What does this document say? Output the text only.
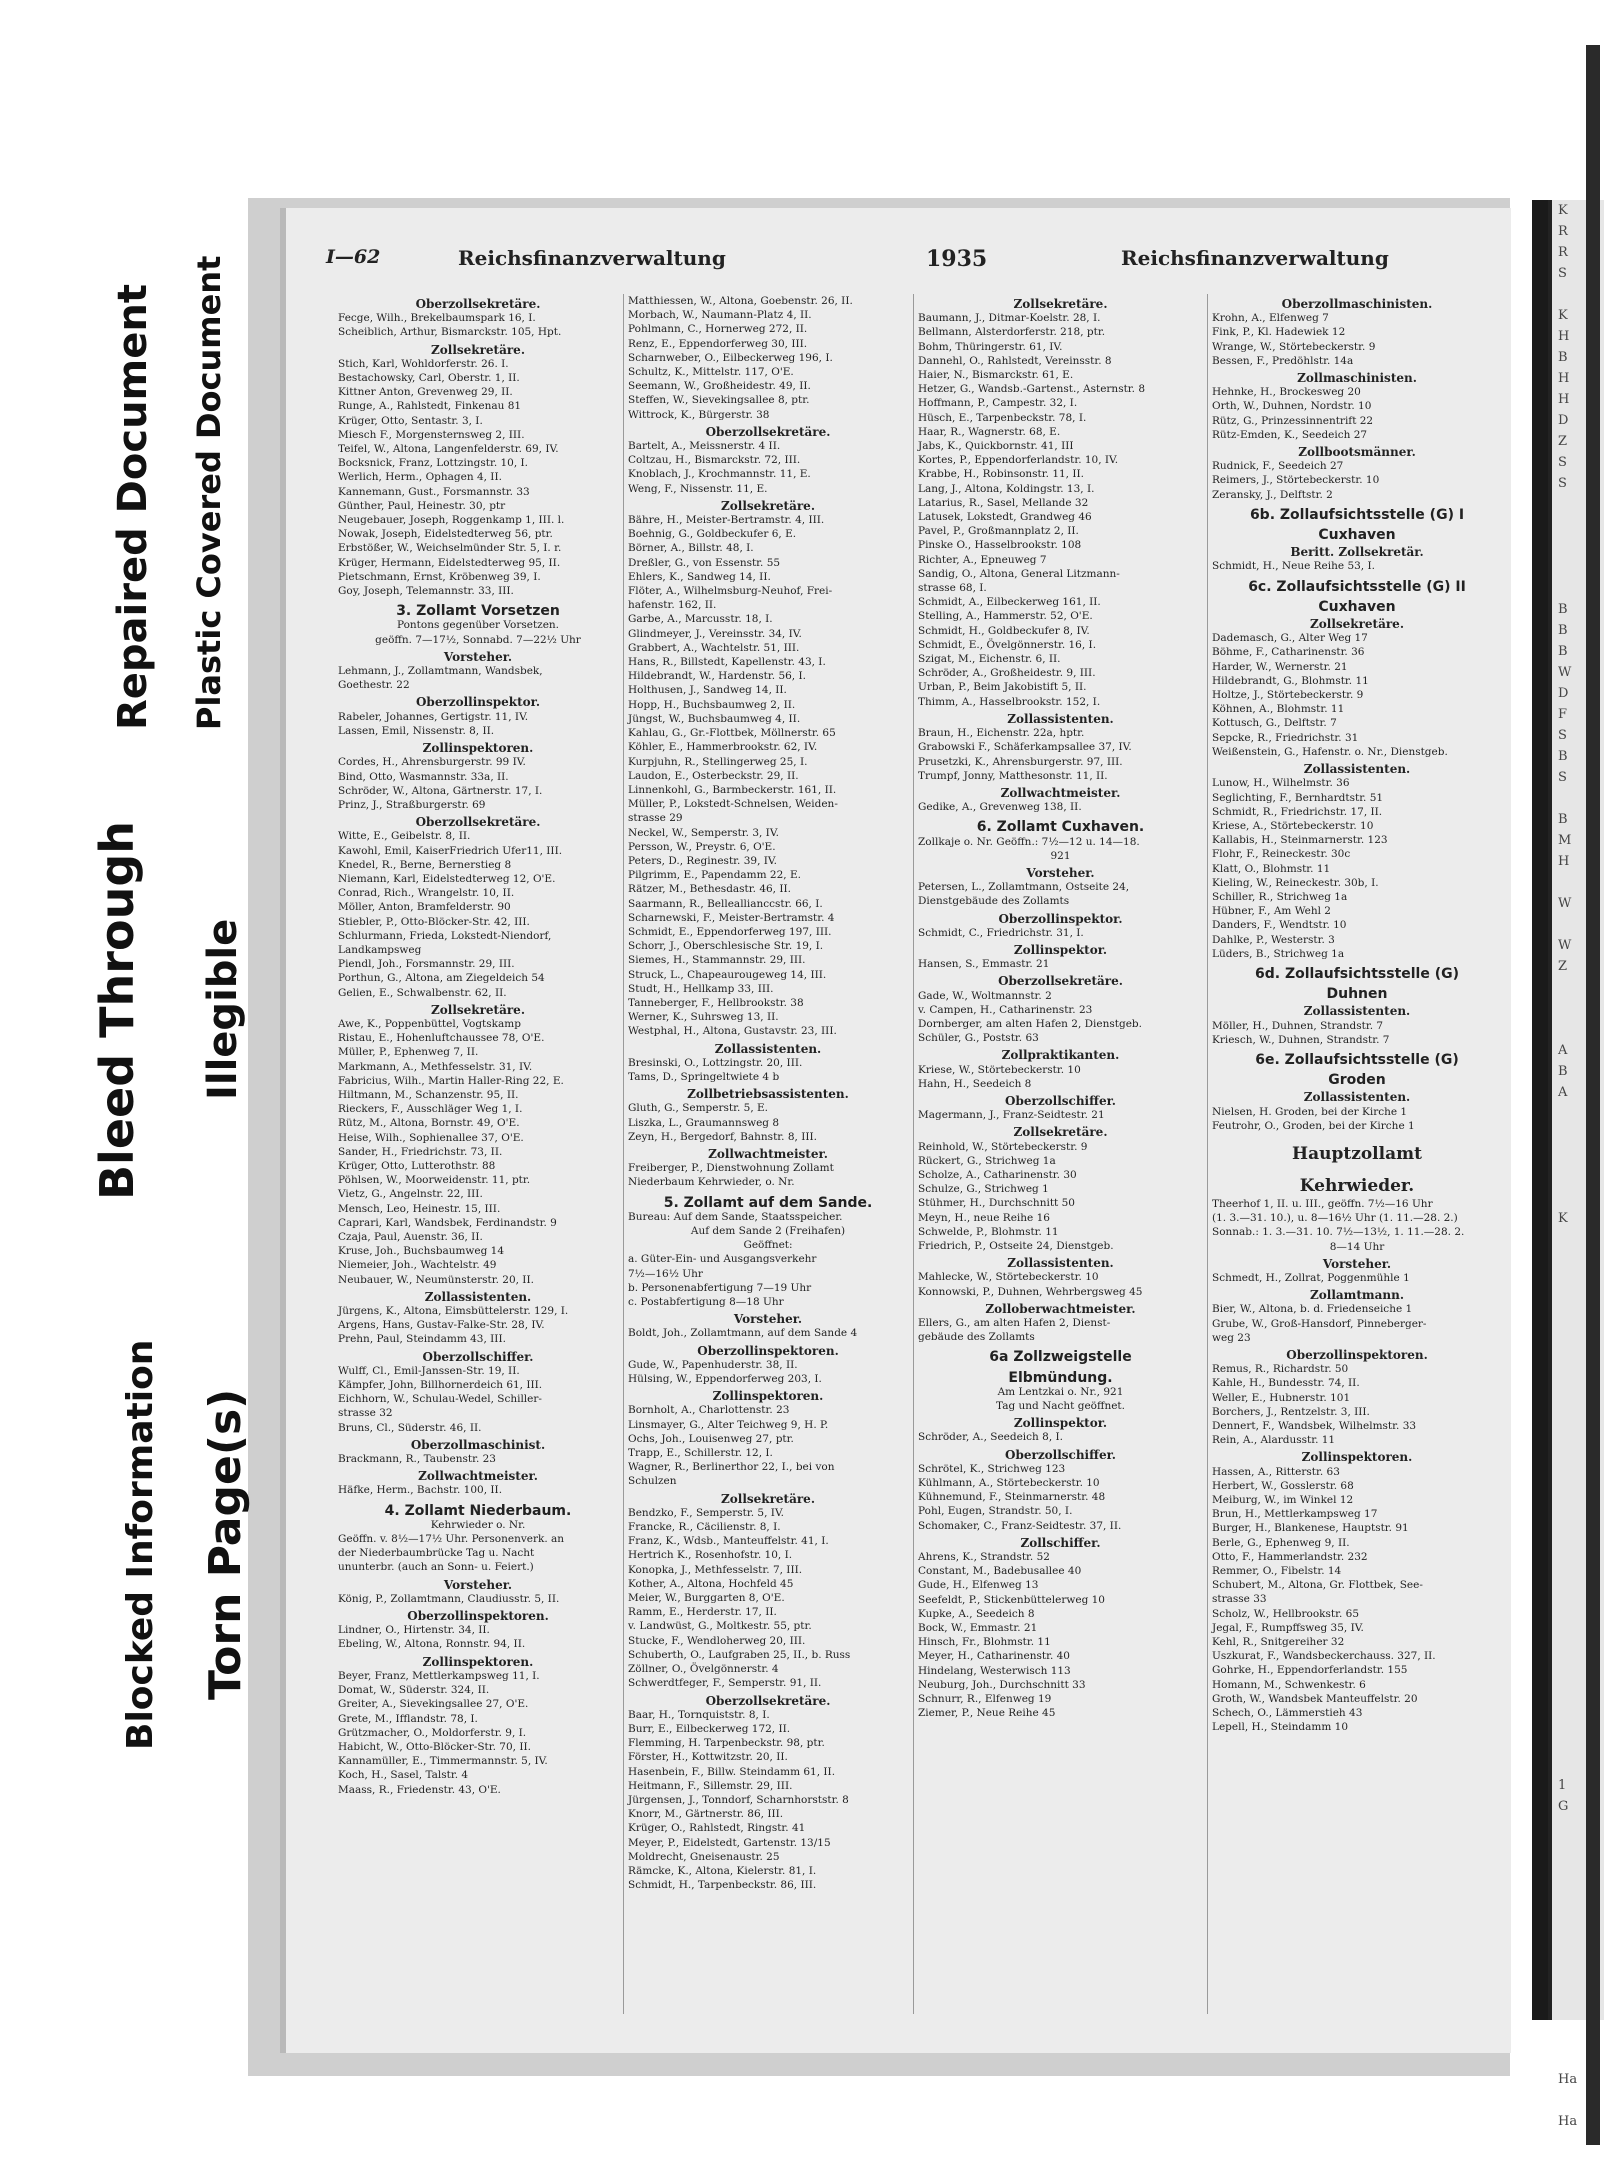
Bleed Through Illegible
Repaired Document Plastic Covered Document
Blocked Information Torn Page(s)
I—62	Reichsfinanzverwaltung	1935	Reichsfinanzverwaltung
Oberzollsekretäre.
Fecge, Wilh., Brekelbaumspark 16, I.
Scheiblich, Arthur, Bismarckstr. 105, Hpt.
Zollsekretäre.
Stich, Karl, Wohldorferstr. 26. I.
Bestachowsky, Carl, Oberstr. 1, II.
Kittner Anton, Grevenweg 29, II.
Runge, A., Rahlstedt, Finkenau 81
Krüger, Otto, Sentastr. 3, I.
Miesch F., Morgensternsweg 2, III.
Teifel, W., Altona, Langenfelderstr. 69, IV.
Bocksnick, Franz, Lottzingstr. 10, I.
Werlich, Herm., Ophagen 4, II.
Kannemann, Gust., Forsmannstr. 33
Günther, Paul, Heinestr. 30, ptr
Neugebauer, Joseph, Roggenkamp 1, III. l.
Nowak, Joseph, Eidelstedterweg 56, ptr.
Erbstößer, W., Weichselmünder Str. 5, I. r.
Krüger, Hermann, Eidelstedterweg 95, II.
Pietschmann, Ernst, Kröbenweg 39, I.
Goy, Joseph, Telemannstr. 33, III.
3. Zollamt Vorsetzen
Pontons gegenüber Vorsetzen.
geöffn. 7—17½, Sonnabd. 7—22½ Uhr
Vorsteher.
Lehmann, J., Zollamtmann, Wandsbek,
Goethestr. 22
Oberzollinspektor.
Rabeler, Johannes, Gertigstr. 11, IV.
Lassen, Emil, Nissenstr. 8, II.
Zollinspektoren.
Cordes, H., Ahrensburgerstr. 99 IV.
Bind, Otto, Wasmannstr. 33a, II.
Schröder, W., Altona, Gärtnerstr. 17, I.
Prinz, J., Straßburgerstr. 69
Oberzollsekretäre.
Witte, E., Geibelstr. 8, II.
Kawohl, Emil, KaiserFriedrich Ufer11, III.
Knedel, R., Berne, Bernerstieg 8
Niemann, Karl, Eidelstedterweg 12, O'E.
Conrad, Rich., Wrangelstr. 10, II.
Möller, Anton, Bramfelderstr. 90
Stiebler, P., Otto-Blöcker-Str. 42, III.
Schlurmann, Frieda, Lokstedt-Niendorf,
Landkampsweg
Piendl, Joh., Forsmannstr. 29, III.
Porthun, G., Altona, am Ziegeldeich 54
Gelien, E., Schwalbenstr. 62, II.
Zollsekretäre.
Awe, K., Poppenbüttel, Vogtskamp
Ristau, E., Hohenluftchaussee 78, O'E.
Müller, P., Ephenweg 7, II.
Markmann, A., Methfesselstr. 31, IV.
Fabricius, Wilh., Martin Haller-Ring 22, E.
Hiltmann, M., Schanzenstr. 95, II.
Rieckers, F., Ausschläger Weg 1, I.
Rütz, M., Altona, Bornstr. 49, O'E.
Heise, Wilh., Sophienallee 37, O'E.
Sander, H., Friedrichstr. 73, II.
Krüger, Otto, Lutterothstr. 88
Pöhlsen, W., Moorweidenstr. 11, ptr.
Vietz, G., Angelnstr. 22, III.
Mensch, Leo, Heinestr. 15, III.
Caprari, Karl, Wandsbek, Ferdinandstr. 9
Czaja, Paul, Auenstr. 36, II.
Kruse, Joh., Buchsbaumweg 14
Niemeier, Joh., Wachtelstr. 49
Neubauer, W., Neumünsterstr. 20, II.
Zollassistenten.
Jürgens, K., Altona, Eimsbüttelerstr. 129, I.
Argens, Hans, Gustav-Falke-Str. 28, IV.
Prehn, Paul, Steindamm 43, III.
Oberzollschiffer.
Wulff, Cl., Emil-Janssen-Str. 19, II.
Kämpfer, John, Billhornerdeich 61, III.
Eichhorn, W., Schulau-Wedel, Schiller-
strasse 32
Bruns, Cl., Süderstr. 46, II.
Oberzollmaschinist.
Brackmann, R., Taubenstr. 23
Zollwachtmeister.
Häfke, Herm., Bachstr. 100, II.
4. Zollamt Niederbaum.
Kehrwieder o. Nr.
Geöffn. v. 8½—17½ Uhr. Personenverk. an
der Niederbaumbrücke Tag u. Nacht
ununterbr. (auch an Sonn- u. Feiert.)
Vorsteher.
König, P., Zollamtmann, Claudiusstr. 5, II.
Oberzollinspektoren.
Lindner, O., Hirtenstr. 34, II.
Ebeling, W., Altona, Ronnstr. 94, II.
Zollinspektoren.
Beyer, Franz, Mettlerkampsweg 11, I.
Domat, W., Süderstr. 324, II.
Greiter, A., Sievekingsallee 27, O'E.
Grete, M., Ifflandstr. 78, I.
Grützmacher, O., Moldorferstr. 9, I.
Habicht, W., Otto-Blöcker-Str. 70, II.
Kannamüller, E., Timmermannstr. 5, IV.
Koch, H., Sasel, Talstr. 4
Maass, R., Friedenstr. 43, O'E.
Matthiessen, W., Altona, Goebenstr. 26, II.
Morbach, W., Naumann-Platz 4, II.
Pohlmann, C., Hornerweg 272, II.
Renz, E., Eppendorferweg 30, III.
Scharnweber, O., Eilbeckerweg 196, I.
Schultz, K., Mittelstr. 117, O'E.
Seemann, W., Großheidestr. 49, II.
Steffen, W., Sievekingsallee 8, ptr.
Wittrock, K., Bürgerstr. 38
Oberzollsekretäre.
Bartelt, A., Meissnerstr. 4 II.
Coltzau, H., Bismarckstr. 72, III.
Knoblach, J., Krochmannstr. 11, E.
Weng, F., Nissenstr. 11, E.
Zollsekretäre.
Bähre, H., Meister-Bertramstr. 4, III.
Boehnig, G., Goldbeckufer 6, E.
Börner, A., Billstr. 48, I.
Dreßler, G., von Essenstr. 55
Ehlers, K., Sandweg 14, II.
Flöter, A., Wilhelmsburg-Neuhof, Frei-
hafenstr. 162, II.
Garbe, A., Marcusstr. 18, I.
Glindmeyer, J., Vereinsstr. 34, IV.
Grabbert, A., Wachtelstr. 51, III.
Hans, R., Billstedt, Kapellenstr. 43, I.
Hildebrandt, W., Hardenstr. 56, I.
Holthusen, J., Sandweg 14, II.
Hopp, H., Buchsbaumweg 2, II.
Jüngst, W., Buchsbaumweg 4, II.
Kahlau, G., Gr.-Flottbek, Möllnerstr. 65
Köhler, E., Hammerbrookstr. 62, IV.
Kurpjuhn, R., Stellingerweg 25, I.
Laudon, E., Osterbeckstr. 29, II.
Linnenkohl, G., Barmbeckerstr. 161, II.
Müller, P., Lokstedt-Schnelsen, Weiden-
strasse 29
Neckel, W., Semperstr. 3, IV.
Persson, W., Preystr. 6, O'E.
Peters, D., Reginestr. 39, IV.
Pilgrimm, E., Papendamm 22, E.
Rätzer, M., Bethesdastr. 46, II.
Saarmann, R., Belleallianccstr. 66, I.
Scharnewski, F., Meister-Bertramstr. 4
Schmidt, E., Eppendorferweg 197, III.
Schorr, J., Oberschlesische Str. 19, I.
Siemes, H., Stammannstr. 29, III.
Struck, L., Chapeaurougeweg 14, III.
Studt, H., Hellkamp 33, III.
Tanneberger, F., Hellbrookstr. 38
Werner, K., Suhrsweg 13, II.
Westphal, H., Altona, Gustavstr. 23, III.
Zollassistenten.
Bresinski, O., Lottzingstr. 20, III.
Tams, D., Springeltwiete 4 b
Zollbetriebsassistenten.
Gluth, G., Semperstr. 5, E.
Liszka, L., Graumannsweg 8
Zeyn, H., Bergedorf, Bahnstr. 8, III.
Zollwachtmeister.
Freiberger, P., Dienstwohnung Zollamt
Niederbaum Kehrwieder, o. Nr.
5. Zollamt auf dem Sande.
Bureau: Auf dem Sande, Staatsspeicher.
Auf dem Sande 2 (Freihafen)
Geöffnet:
a. Güter-Ein- und Ausgangsverkehr
7½—16½ Uhr
b. Personenabfertigung 7—19 Uhr
c. Postabfertigung 8—18 Uhr
Vorsteher.
Boldt, Joh., Zollamtmann, auf dem Sande 4
Oberzollinspektoren.
Gude, W., Papenhuderstr. 38, II.
Hülsing, W., Eppendorferweg 203, I.
Zollinspektoren.
Bornholt, A., Charlottenstr. 23
Linsmayer, G., Alter Teichweg 9, H. P.
Ochs, Joh., Louisenweg 27, ptr.
Trapp, E., Schillerstr. 12, I.
Wagner, R., Berlinerthor 22, I., bei von
Schulzen
Zollsekretäre.
Bendzko, F., Semperstr. 5, IV.
Francke, R., Cäcilienstr. 8, I.
Franz, K., Wdsb., Manteuffelstr. 41, I.
Hertrich K., Rosenhofstr. 10, I.
Konopka, J., Methfesselstr. 7, III.
Kother, A., Altona, Hochfeld 45
Meier, W., Burggarten 8, O'E.
Ramm, E., Herderstr. 17, II.
v. Landwüst, G., Moltkestr. 55, ptr.
Stucke, F., Wendloherweg 20, III.
Schuberth, O., Laufgraben 25, II., b. Russ
Zöllner, O., Övelgönnerstr. 4
Schwerdtfeger, F., Semperstr. 91, II.
Oberzollsekretäre.
Baar, H., Tornquiststr. 8, I.
Burr, E., Eilbeckerweg 172, II.
Flemming, H. Tarpenbeckstr. 98, ptr.
Förster, H., Kottwitzstr. 20, II.
Hasenbein, F., Billw. Steindamm 61, II.
Heitmann, F., Sillemstr. 29, III.
Jürgensen, J., Tonndorf, Scharnhorststr. 8
Knorr, M., Gärtnerstr. 86, III.
Krüger, O., Rahlstedt, Ringstr. 41
Meyer, P., Eidelstedt, Gartenstr. 13/15
Moldrecht, Gneisenaustr. 25
Rämcke, K., Altona, Kielerstr. 81, I.
Schmidt, H., Tarpenbeckstr. 86, III.
Zollsekretäre.
Baumann, J., Ditmar-Koelstr. 28, I.
Bellmann, Alsterdorferstr. 218, ptr.
Bohm, Thüringerstr. 61, IV.
Dannehl, O., Rahlstedt, Vereinsstr. 8
Haier, N., Bismarckstr. 61, E.
Hetzer, G., Wandsb.-Gartenst., Asternstr. 8
Hoffmann, P., Campestr. 32, I.
Hüsch, E., Tarpenbeckstr. 78, I.
Haar, R., Wagnerstr. 68, E.
Jabs, K., Quickbornstr. 41, III
Kortes, P., Eppendorferlandstr. 10, IV.
Krabbe, H., Robinsonstr. 11, II.
Lang, J., Altona, Koldingstr. 13, I.
Latarius, R., Sasel, Mellande 32
Latusek, Lokstedt, Grandweg 46
Pavel, P., Großmannplatz 2, II.
Pinske O., Hasselbrookstr. 108
Richter, A., Epneuweg 7
Sandig, O., Altona, General Litzmann-
strasse 68, I.
Schmidt, A., Eilbeckerweg 161, II.
Stelling, A., Hammerstr. 52, O'E.
Schmidt, H., Goldbeckufer 8, IV.
Schmidt, E., Övelgönnerstr. 16, I.
Szigat, M., Eichenstr. 6, II.
Schröder, A., Großheidestr. 9, III.
Urban, P., Beim Jakobistift 5, II.
Thimm, A., Hasselbrookstr. 152, I.
Zollassistenten.
Braun, H., Eichenstr. 22a, hptr.
Grabowski F., Schäferkampsallee 37, IV.
Prusetzki, K., Ahrensburgerstr. 97, III.
Trumpf, Jonny, Matthesonstr. 11, II.
Zollwachtmeister.
Gedike, A., Grevenweg 138, II.
6. Zollamt Cuxhaven.
Zollkaje o. Nr. Geöffn.: 7½—12 u. 14—18.
921
Vorsteher.
Petersen, L., Zollamtmann, Ostseite 24,
Dienstgebäude des Zollamts
Oberzollinspektor.
Schmidt, C., Friedrichstr. 31, I.
Zollinspektor.
Hansen, S., Emmastr. 21
Oberzollsekretäre.
Gade, W., Woltmannstr. 2
v. Campen, H., Catharinenstr. 23
Dornberger, am alten Hafen 2, Dienstgeb.
Schüler, G., Poststr. 63
Zollpraktikanten.
Kriese, W., Störtebeckerstr. 10
Hahn, H., Seedeich 8
Oberzollschiffer.
Magermann, J., Franz-Seidtestr. 21
Zollsekretäre.
Reinhold, W., Störtebeckerstr. 9
Rückert, G., Strichweg 1a
Scholze, A., Catharinenstr. 30
Schulze, G., Strichweg 1
Stühmer, H., Durchschnitt 50
Meyn, H., neue Reihe 16
Schwelde, P., Blohmstr. 11
Friedrich, P., Ostseite 24, Dienstgeb.
Zollassistenten.
Mahlecke, W., Störtebeckerstr. 10
Konnowski, P., Duhnen, Wehrbergsweg 45
Zolloberwachtmeister.
Ellers, G., am alten Hafen 2, Dienst-
gebäude des Zollamts
6a Zollzweigstelle
Elbmündung.
Am Lentzkai o. Nr., 921
Tag und Nacht geöffnet.
Zollinspektor.
Schröder, A., Seedeich 8, I.
Oberzollschiffer.
Schrötel, K., Strichweg 123
Kühlmann, A., Störtebeckerstr. 10
Kühnemund, F., Steinmarnerstr. 48
Pohl, Eugen, Strandstr. 50, I.
Schomaker, C., Franz-Seidtestr. 37, II.
Zollschiffer.
Ahrens, K., Strandstr. 52
Constant, M., Badebusallee 40
Gude, H., Elfenweg 13
Seefeldt, P., Stickenbüttelerweg 10
Kupke, A., Seedeich 8
Bock, W., Emmastr. 21
Hinsch, Fr., Blohmstr. 11
Meyer, H., Catharinenstr. 40
Hindelang, Westerwisch 113
Neuburg, Joh., Durchschnitt 33
Schnurr, R., Elfenweg 19
Ziemer, P., Neue Reihe 45
Oberzollmaschinisten.
Krohn, A., Elfenweg 7
Fink, P., Kl. Hadewiek 12
Wrange, W., Störtebeckerstr. 9
Bessen, F., Predöhlstr. 14a
Zollmaschinisten.
Hehnke, H., Brockesweg 20
Orth, W., Duhnen, Nordstr. 10
Rütz, G., Prinzessinnentrift 22
Rütz-Emden, K., Seedeich 27
Zollbootsmänner.
Rudnick, F., Seedeich 27
Reimers, J., Störtebeckerstr. 10
Zeransky, J., Delftstr. 2
6b. Zollaufsichtsstelle (G) I
Cuxhaven
Beritt. Zollsekretär.
Schmidt, H., Neue Reihe 53, I.
6c. Zollaufsichtsstelle (G) II
Cuxhaven
Zollsekretäre.
Dademasch, G., Alter Weg 17
Böhme, F., Catharinenstr. 36
Harder, W., Wernerstr. 21
Hildebrandt, G., Blohmstr. 11
Holtze, J., Störtebeckerstr. 9
Köhnen, A., Blohmstr. 11
Kottusch, G., Delftstr. 7
Sepcke, R., Friedrichstr. 31
Weißenstein, G., Hafenstr. o. Nr., Dienstgeb.
Zollassistenten.
Lunow, H., Wilhelmstr. 36
Seglichting, F., Bernhardtstr. 51
Schmidt, R., Friedrichstr. 17, II.
Kriese, A., Störtebeckerstr. 10
Kallabis, H., Steinmarnerstr. 123
Flohr, F., Reineckestr. 30c
Klatt, O., Blohmstr. 11
Kieling, W., Reineckestr. 30b, I.
Schiller, R., Strichweg 1a
Hübner, F., Am Wehl 2
Danders, F., Wendtstr. 10
Dahlke, P., Westerstr. 3
Lüders, B., Strichweg 1a
6d. Zollaufsichtsstelle (G)
Duhnen
Zollassistenten.
Möller, H., Duhnen, Strandstr. 7
Kriesch, W., Duhnen, Strandstr. 7
6e. Zollaufsichtsstelle (G)
Groden
Zollassistenten.
Nielsen, H. Groden, bei der Kirche 1
Feutrohr, O., Groden, bei der Kirche 1
Hauptzollamt
Kehrwieder.
Theerhof 1, II. u. III., geöffn. 7½—16 Uhr
(1. 3.—31. 10.), u. 8—16½ Uhr (1. 11.—28. 2.)
Sonnab.: 1. 3.—31. 10. 7½—13½, 1. 11.—28. 2.
8—14 Uhr
Vorsteher.
Schmedt, H., Zollrat, Poggenmühle 1
Zollamtmann.
Bier, W., Altona, b. d. Friedenseiche 1
Grube, W., Groß-Hansdorf, Pinneberger-
weg 23
Oberzollinspektoren.
Remus, R., Richardstr. 50
Kahle, H., Bundesstr. 74, II.
Weller, E., Hubnerstr. 101
Borchers, J., Rentzelstr. 3, III.
Dennert, F., Wandsbek, Wilhelmstr. 33
Rein, A., Alardusstr. 11
Zollinspektoren.
Hassen, A., Ritterstr. 63
Herbert, W., Gosslerstr. 68
Meiburg, W., im Winkel 12
Brun, H., Mettlerkampsweg 17
Burger, H., Blankenese, Hauptstr. 91
Berle, G., Ephenweg 9, II.
Otto, F., Hammerlandstr. 232
Remmer, O., Fibelstr. 14
Schubert, M., Altona, Gr. Flottbek, See-
strasse 33
Scholz, W., Hellbrookstr. 65
Jegal, F., Rumpffsweg 35, IV.
Kehl, R., Snitgereiher 32
Uszkurat, F., Wandsbeckerchauss. 327, II.
Gohrke, H., Eppendorferlandstr. 155
Homann, M., Schwenkestr. 6
Groth, W., Wandsbek Manteuffelstr. 20
Schech, O., Lämmerstieh 43
Lepell, H., Steindamm 10
K
R
R
S

K
H
B
H
H
D
Z
S
S

B
B
B
W
D
F
S
B
S

B
M
H

W

W
Z

A
B
A

K

1
G

Ha

Ha
